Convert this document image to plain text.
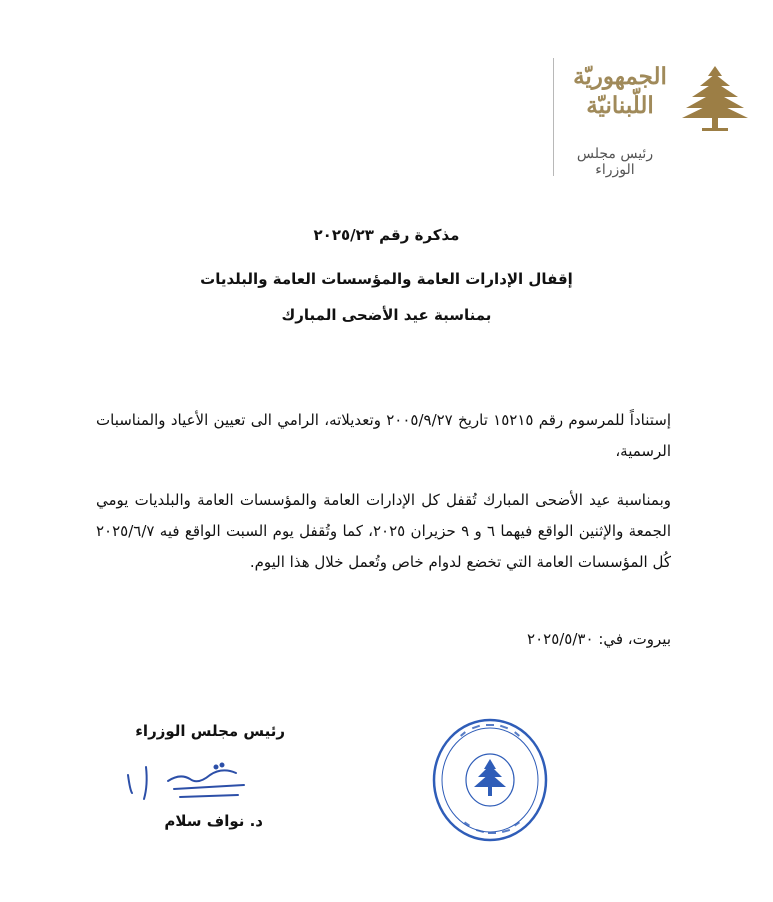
الجمهوريّة
اللّبنانيّة
رئيس مجلس الوزراء
مذكرة رقم ٢٠٢٥/٢٣
إقفال الإدارات العامة والمؤسسات العامة والبلديات
بمناسبة عيد الأضحى المبارك
إستناداً للمرسوم رقم ١٥٢١٥ تاريخ ٢٠٠٥/٩/٢٧ وتعديلاته، الرامي الى تعيين الأعياد والمناسبات الرسمية،
وبمناسبة عيد الأضحى المبارك تُقفل كل الإدارات العامة والمؤسسات العامة والبلديات يومي الجمعة والإثنين الواقع فيهما ٦ و ٩ حزيران ٢٠٢٥، كما وتُقفل يوم السبت الواقع فيه ٢٠٢٥/٦/٧ كُل المؤسسات العامة التي تخضع لدوام خاص وتُعمل خلال هذا اليوم.
بيروت، في: ٢٠٢٥/٥/٣٠
رئيس مجلس الوزراء
د. نواف سلام
